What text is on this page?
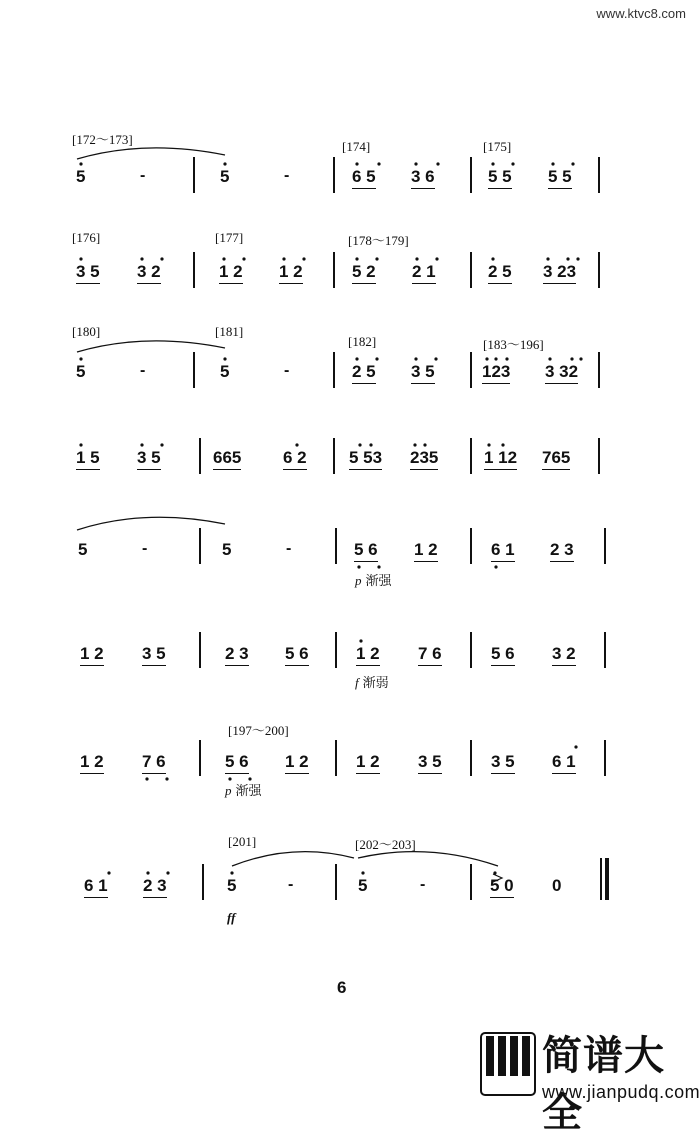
www.ktvc8.com
[172～173]	[174]	[175]
5	-	5	-	6 5 3 6	5 5 5 5
[176]	[177]	[178～179]
3 5 3 2	1 2 1 2	5 2 2 1	2 5 3 23
[180]	[181]
[182]	[183～196]
5	-	5	-	2 5 3 5	123 3 32
1 5 3 5	665 6 2 5 53 235	1 12 765
5	-	5	-	5 6 1 2	6 1 2 3
p 渐强
1 2 3 5	2 3 5 6	1 2 7 6	5 6 3 2
f 渐弱
[197～200]
1 2 7 6	5 6 1 2	1 2 3 5	3 5 6 1
p 渐强
[201]	[202～203]
6 1 2 3	5	-	5	-	5 0 0
ff
6
简谱大全
www.jianpudq.com
